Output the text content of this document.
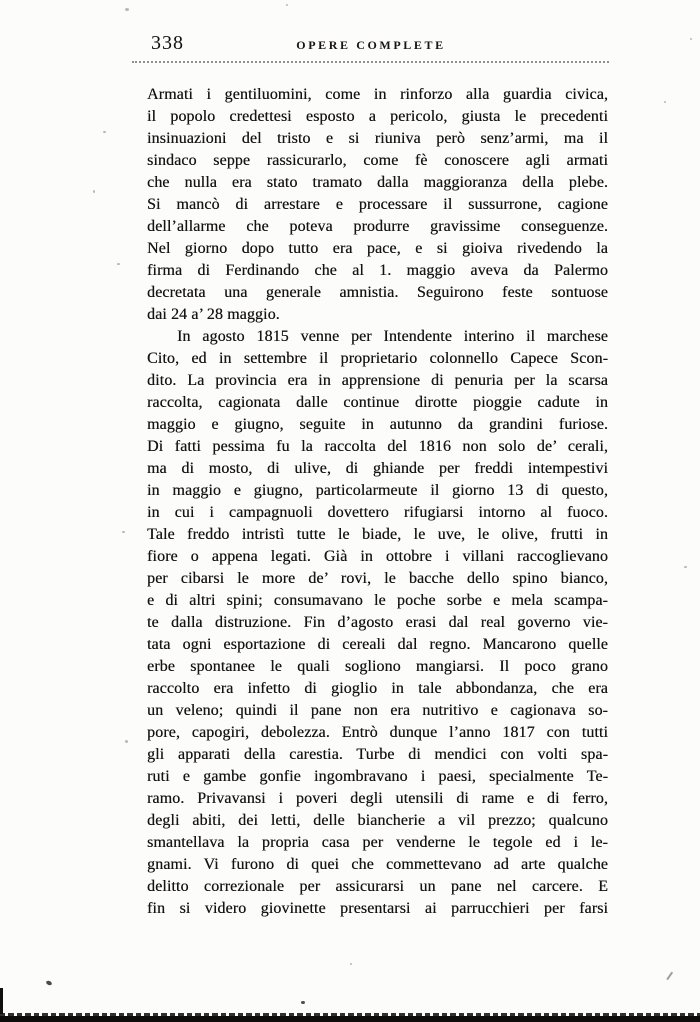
338	OPERE COMPLETE
Armati i gentiluomini, come in rinforzo alla guardia civica,
il popolo credettesi esposto a pericolo, giusta le precedenti
insinuazioni del tristo e si riuniva però senz’armi, ma il
sindaco seppe rassicurarlo, come fè conoscere agli armati
che nulla era stato tramato dalla maggioranza della plebe.
Si mancò di arrestare e processare il sussurrone, cagione
dell’allarme che poteva produrre gravissime conseguenze.
Nel giorno dopo tutto era pace, e si gioiva rivedendo la
firma di Ferdinando che al 1. maggio aveva da Palermo
decretata una generale amnistia. Seguirono feste sontuose
dai 24 a’ 28 maggio.
In agosto 1815 venne per Intendente interino il marchese
Cito, ed in settembre il proprietario colonnello Capece Scon-
dito. La provincia era in apprensione di penuria per la scarsa
raccolta, cagionata dalle continue dirotte pioggie cadute in
maggio e giugno, seguite in autunno da grandini furiose.
Di fatti pessima fu la raccolta del 1816 non solo de’ cerali,
ma di mosto, di ulive, di ghiande per freddi intempestivi
in maggio e giugno, particolarmeute il giorno 13 di questo,
in cui i campagnuoli dovettero rifugiarsi intorno al fuoco.
Tale freddo intristì tutte le biade, le uve, le olive, frutti in
fiore o appena legati. Già in ottobre i villani raccoglievano
per cibarsi le more de’ rovi, le bacche dello spino bianco,
e di altri spini; consumavano le poche sorbe e mela scampa-
te dalla distruzione. Fin d’agosto erasi dal real governo vie-
tata ogni esportazione di cereali dal regno. Mancarono quelle
erbe spontanee le quali sogliono mangiarsi. Il poco grano
raccolto era infetto di gioglio in tale abbondanza, che era
un veleno; quindi il pane non era nutritivo e cagionava so-
pore, capogiri, debolezza. Entrò dunque l’anno 1817 con tutti
gli apparati della carestia. Turbe di mendici con volti spa-
ruti e gambe gonfie ingombravano i paesi, specialmente Te-
ramo. Privavansi i poveri degli utensili di rame e di ferro,
degli abiti, dei letti, delle biancherie a vil prezzo; qualcuno
smantellava la propria casa per venderne le tegole ed i le-
gnami. Vi furono di quei che commettevano ad arte qualche
delitto correzionale per assicurarsi un pane nel carcere. E
fin si videro giovinette presentarsi ai parrucchieri per farsi
